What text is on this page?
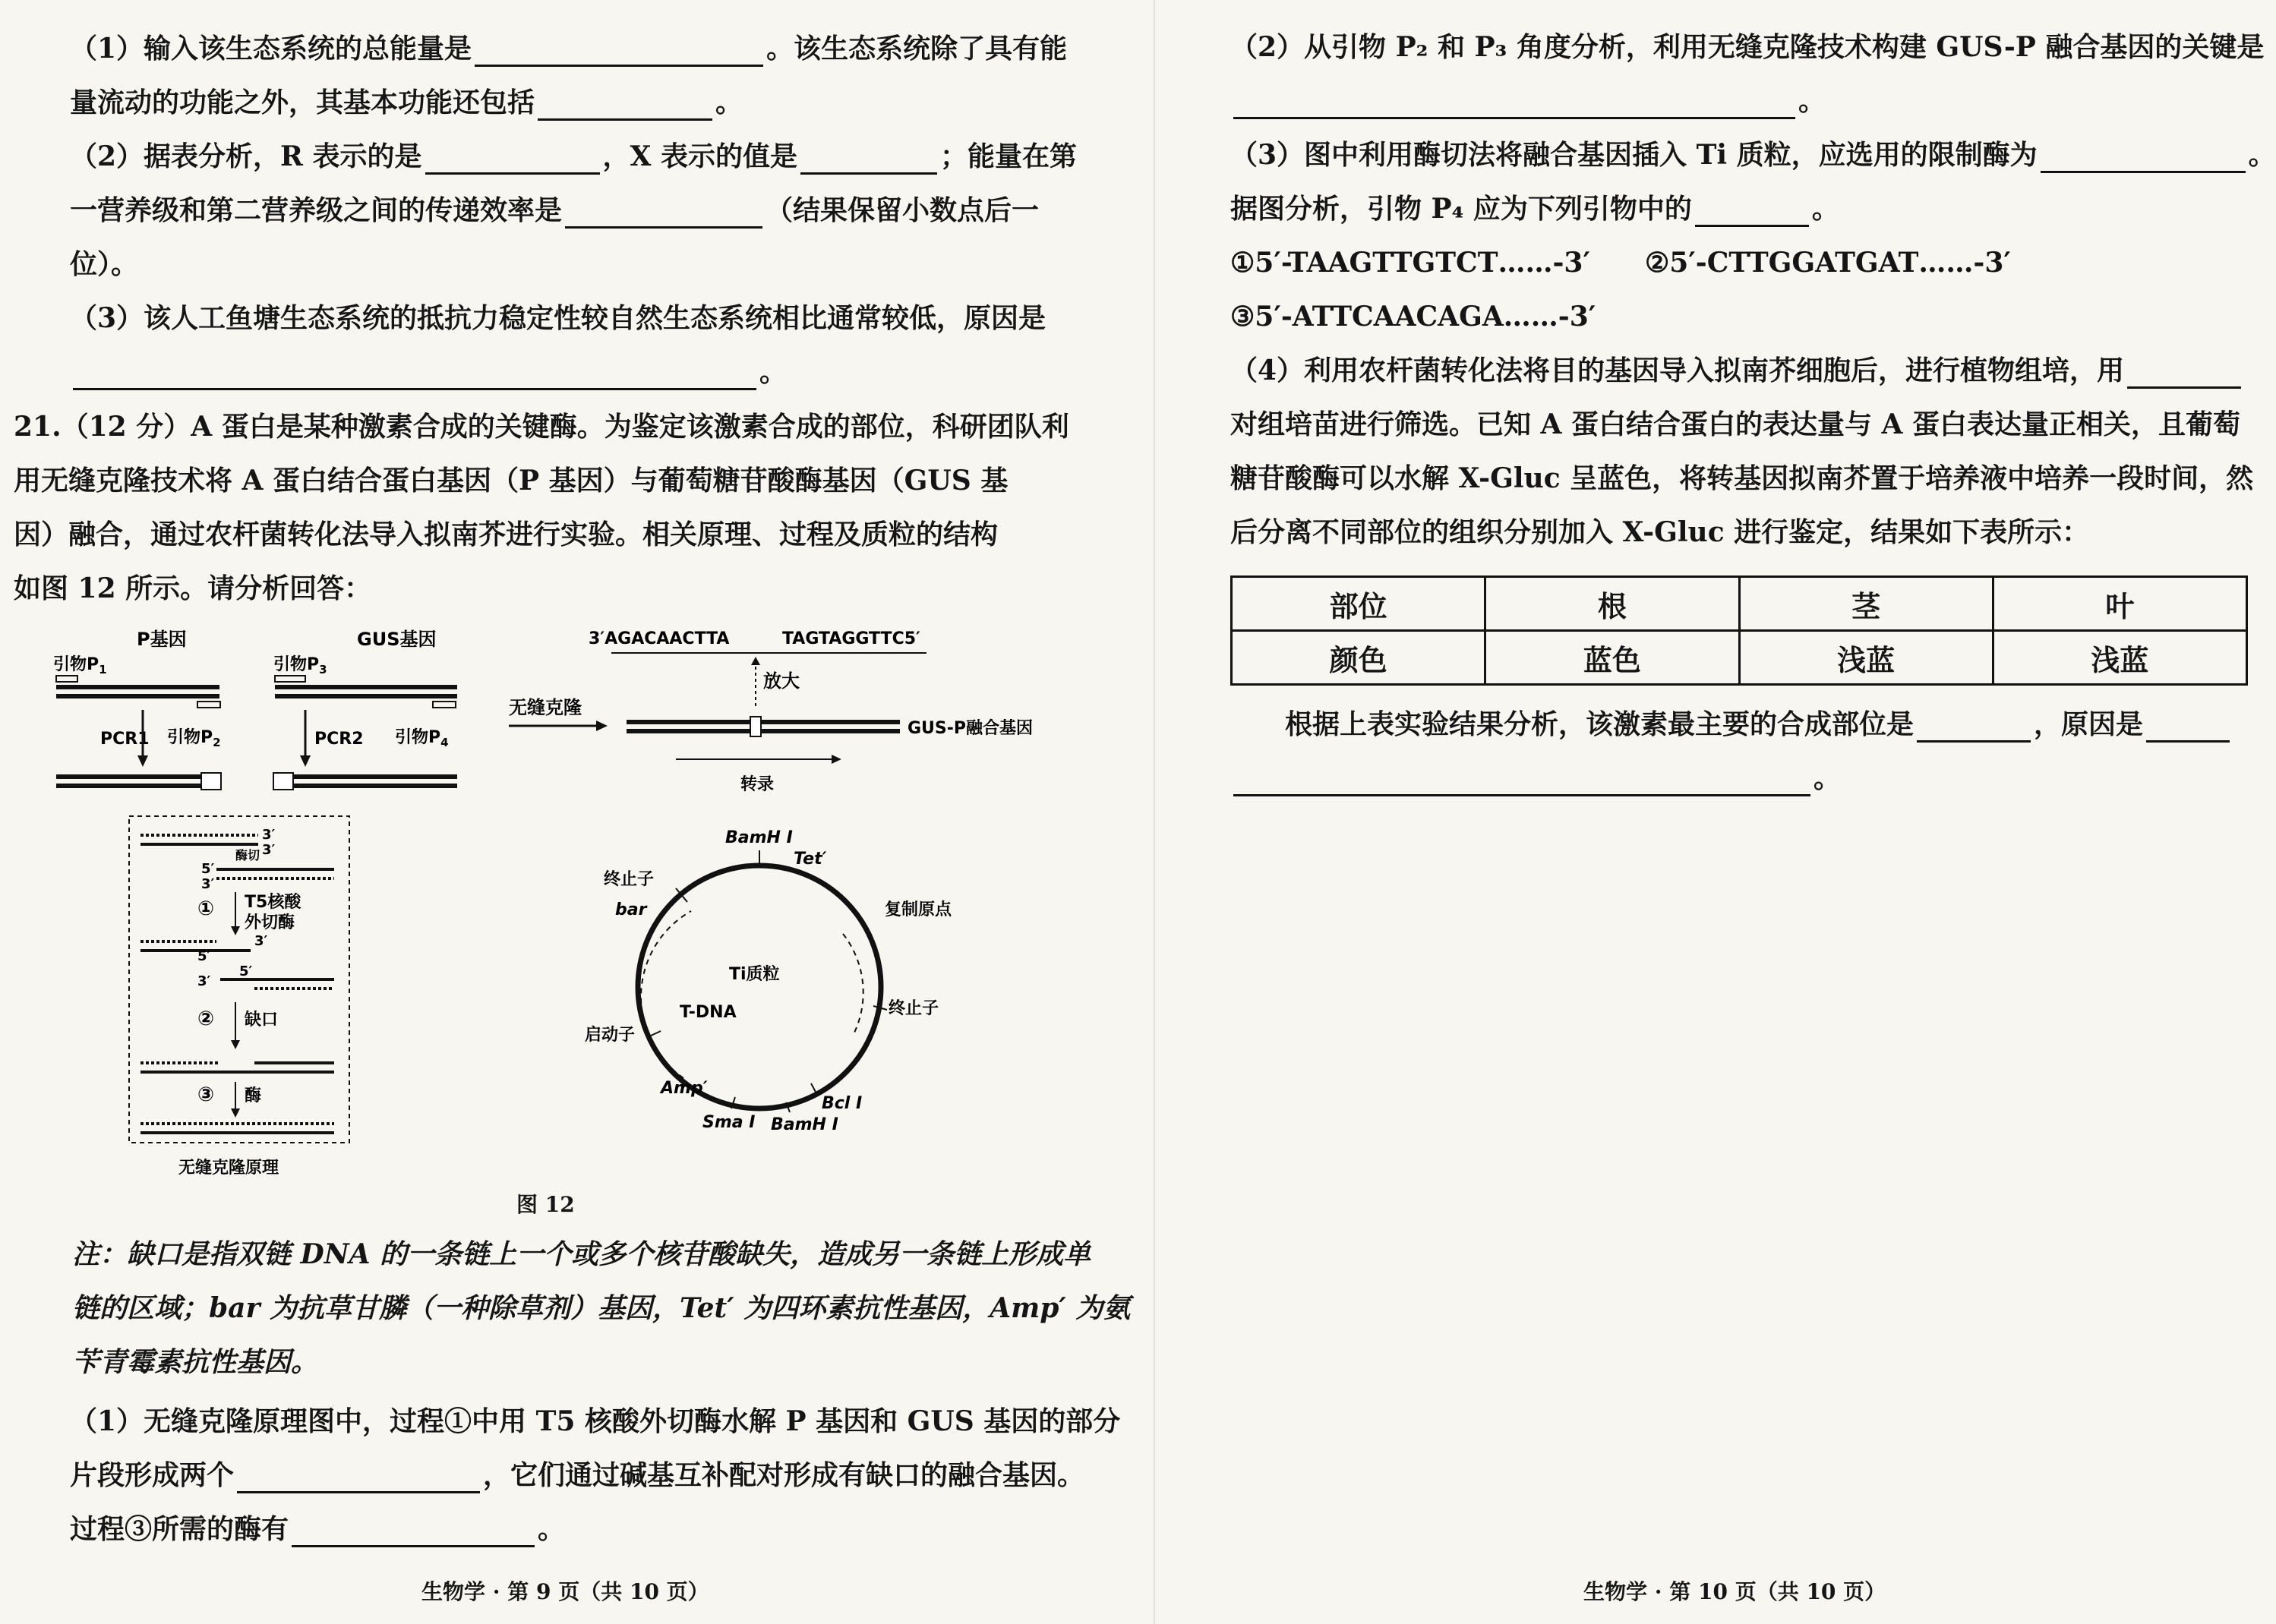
（1）输入该生态系统的总能量是	。该生态系统除了具有能
量流动的功能之外，其基本功能还包括	。
（2）据表分析，R 表示的是	，X 表示的值是	；能量在第
一营养级和第二营养级之间的传递效率是	（结果保留小数点后一
位）。
（3）该人工鱼塘生态系统的抵抗力稳定性较自然生态系统相比通常较低，原因是
。
21.（12 分）A 蛋白是某种激素合成的关键酶。为鉴定该激素合成的部位，科研团队利
用无缝克隆技术将 A 蛋白结合蛋白基因（P 基因）与葡萄糖苷酸酶基因（GUS 基
因）融合，通过农杆菌转化法导入拟南芥进行实验。相关原理、过程及质粒的结构
如图 12 所示。请分析回答：
P基因
引物$P_1$
PCR1 引物$P_2$
GUS基因
引物$P_3$
PCR2 引物$P_4$
无缝克隆
3′AGACAACTTA	TAGTAGGTTC5′
放大
GUS-P融合基因
转录
3′
3′
5′
3′
酶切
① T5核酸
外切酶
3′
5′
3′
5′
② 缺口
③ 酶
无缝克隆原理
BamH Ⅰ
Tet′
终止子
bar	复制原点
Ti质粒
T-DNA	终止子
启动子
Amp′
Sma Ⅰ BamH Ⅰ
Bcl Ⅰ
图 12
注：缺口是指双链 DNA 的一条链上一个或多个核苷酸缺失，造成另一条链上形成单
链的区域；bar 为抗草甘膦（一种除草剂）基因，Tet′ 为四环素抗性基因，Amp′ 为氨
苄青霉素抗性基因。
（1）无缝克隆原理图中，过程①中用 T5 核酸外切酶水解 P 基因和 GUS 基因的部分
片段形成两个	，它们通过碱基互补配对形成有缺口的融合基因。
过程③所需的酶有	。
生物学 · 第 9 页（共 10 页）
（2）从引物 P₂ 和 P₃ 角度分析，利用无缝克隆技术构建 GUS-P 融合基因的关键是
。
（3）图中利用酶切法将融合基因插入 Ti 质粒，应选用的限制酶为	。
据图分析，引物 P₄ 应为下列引物中的	。
①5′-TAAGTTGTCT……-3′　　②5′-CTTGGATGAT……-3′
③5′-ATTCAACAGA……-3′
（4）利用农杆菌转化法将目的基因导入拟南芥细胞后，进行植物组培，用
对组培苗进行筛选。已知 A 蛋白结合蛋白的表达量与 A 蛋白表达量正相关，且葡萄
糖苷酸酶可以水解 X-Gluc 呈蓝色，将转基因拟南芥置于培养液中培养一段时间，然
后分离不同部位的组织分别加入 X-Gluc 进行鉴定，结果如下表所示：
部位	根	茎	叶
颜色	蓝色	浅蓝	浅蓝
　　根据上表实验结果分析，该激素最主要的合成部位是	，原因是
。
生物学 · 第 10 页（共 10 页）
